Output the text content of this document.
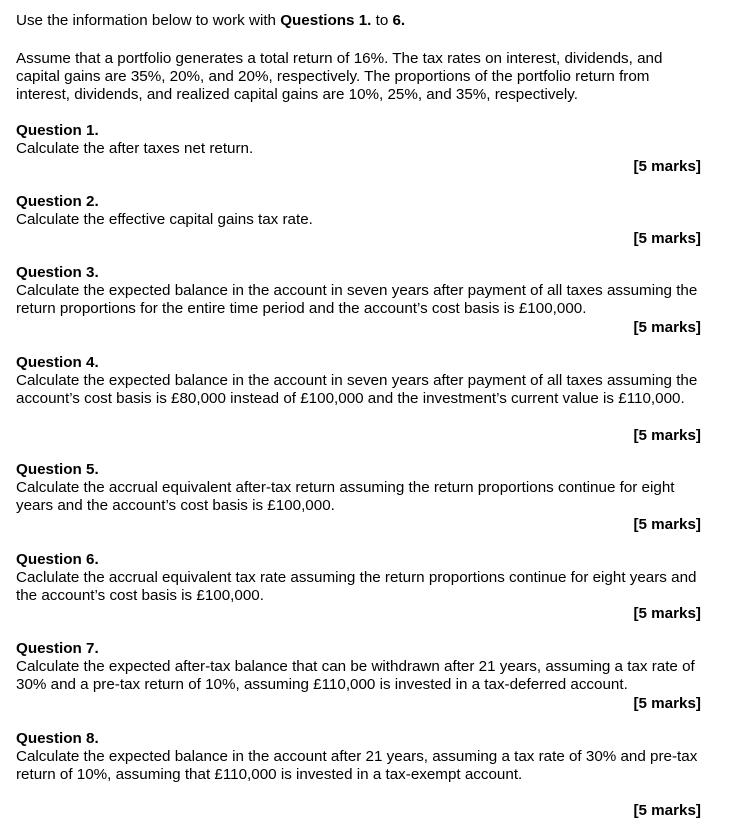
Use the information below to work with Questions 1. to 6.
Assume that a portfolio generates a total return of 16%. The tax rates on interest, dividends, and capital gains are 35%, 20%, and 20%, respectively. The proportions of the portfolio return from interest, dividends, and realized capital gains are 10%, 25%, and 35%, respectively.
Question 1.
Calculate the after taxes net return.
[5 marks]
Question 2.
Calculate the effective capital gains tax rate.
[5 marks]
Question 3.
Calculate the expected balance in the account in seven years after payment of all taxes assuming the return proportions for the entire time period and the account’s cost basis is £100,000.
[5 marks]
Question 4.
Calculate the expected balance in the account in seven years after payment of all taxes assuming the account’s cost basis is £80,000 instead of £100,000 and the investment’s current value is £110,000.
[5 marks]
Question 5.
Calculate the accrual equivalent after-tax return assuming the return proportions continue for eight years and the account’s cost basis is £100,000.
[5 marks]
Question 6.
Caclulate the accrual equivalent tax rate assuming the return proportions continue for eight years and the account’s cost basis is £100,000.
[5 marks]
Question 7.
Calculate the expected after-tax balance that can be withdrawn after 21 years, assuming a tax rate of 30% and a pre-tax return of 10%, assuming £110,000 is invested in a tax-deferred account.
[5 marks]
Question 8.
Calculate the expected balance in the account after 21 years, assuming a tax rate of 30% and pre-tax return of 10%, assuming that £110,000 is invested in a tax-exempt account.
[5 marks]
